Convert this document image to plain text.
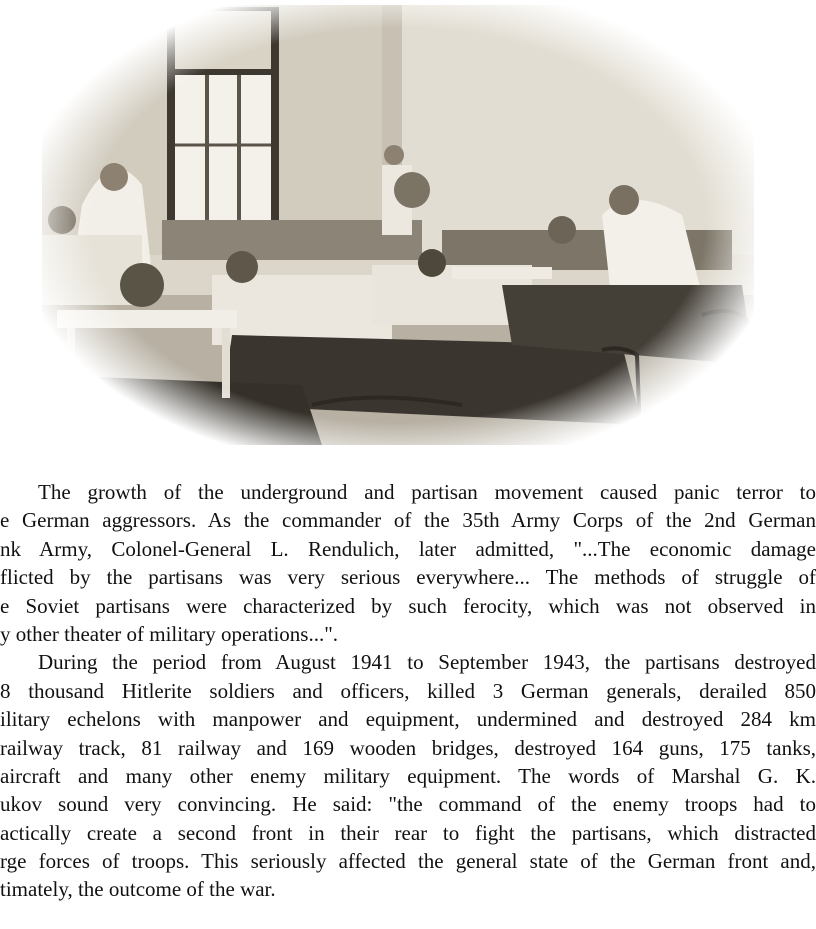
The growth of the underground and partisan movement caused panic terror to
e German aggressors. As the commander of the 35th Army Corps of the 2nd German
nk Army, Colonel-General L. Rendulich, later admitted, "...The economic damage
flicted by the partisans was very serious everywhere... The methods of struggle of
e Soviet partisans were characterized by such ferocity, which was not observed in
y other theater of military operations...".
During the period from August 1941 to September 1943, the partisans destroyed
8 thousand Hitlerite soldiers and officers, killed 3 German generals, derailed 850
ilitary echelons with manpower and equipment, undermined and destroyed 284 km
railway track, 81 railway and 169 wooden bridges, destroyed 164 guns, 175 tanks,
aircraft and many other enemy military equipment. The words of Marshal G. K.
ukov sound very convincing. He said: "the command of the enemy troops had to
actically create a second front in their rear to fight the partisans, which distracted
rge forces of troops. This seriously affected the general state of the German front and,
timately, the outcome of the war.
